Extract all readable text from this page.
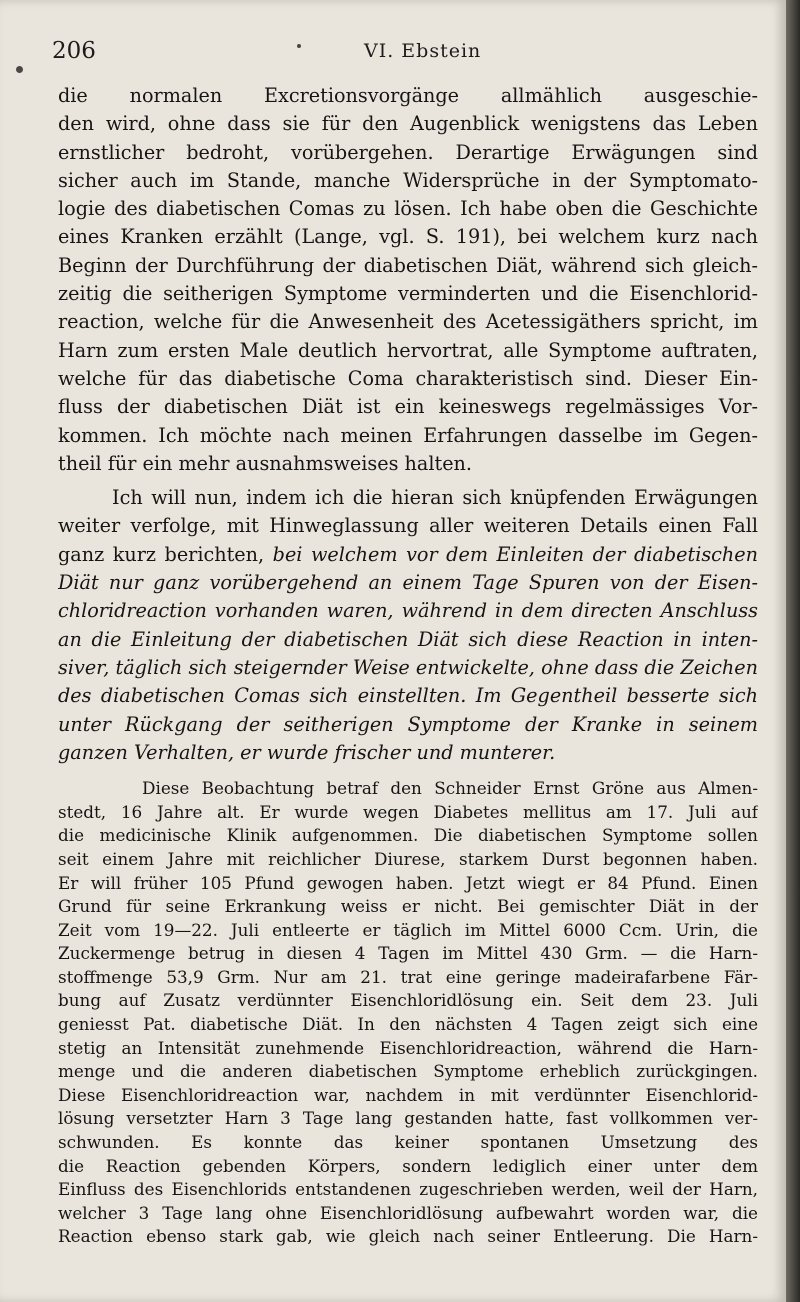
206	VI. Ebstein
die normalen Excretionsvorgänge allmählich ausgeschie-
den wird, ohne dass sie für den Augenblick wenigstens das Leben
ernstlicher bedroht, vorübergehen. Derartige Erwägungen sind
sicher auch im Stande, manche Widersprüche in der Symptomato-
logie des diabetischen Comas zu lösen. Ich habe oben die Geschichte
eines Kranken erzählt (Lange, vgl. S. 191), bei welchem kurz nach
Beginn der Durchführung der diabetischen Diät, während sich gleich-
zeitig die seitherigen Symptome verminderten und die Eisenchlorid-
reaction, welche für die Anwesenheit des Acetessigäthers spricht, im
Harn zum ersten Male deutlich hervortrat, alle Symptome auftraten,
welche für das diabetische Coma charakteristisch sind. Dieser Ein-
fluss der diabetischen Diät ist ein keineswegs regelmässiges Vor-
kommen. Ich möchte nach meinen Erfahrungen dasselbe im Gegen-
theil für ein mehr ausnahmsweises halten.
Ich will nun, indem ich die hieran sich knüpfenden Erwägungen
weiter verfolge, mit Hinweglassung aller weiteren Details einen Fall
ganz kurz berichten, bei welchem vor dem Einleiten der diabetischen
Diät nur ganz vorübergehend an einem Tage Spuren von der Eisen-
chloridreaction vorhanden waren, während in dem directen Anschluss
an die Einleitung der diabetischen Diät sich diese Reaction in inten-
siver, täglich sich steigernder Weise entwickelte, ohne dass die Zeichen
des diabetischen Comas sich einstellten. Im Gegentheil besserte sich
unter Rückgang der seitherigen Symptome der Kranke in seinem
ganzen Verhalten, er wurde frischer und munterer.
Diese Beobachtung betraf den Schneider Ernst Gröne aus Almen-
stedt, 16 Jahre alt. Er wurde wegen Diabetes mellitus am 17. Juli auf
die medicinische Klinik aufgenommen. Die diabetischen Symptome sollen
seit einem Jahre mit reichlicher Diurese, starkem Durst begonnen haben.
Er will früher 105 Pfund gewogen haben. Jetzt wiegt er 84 Pfund. Einen
Grund für seine Erkrankung weiss er nicht. Bei gemischter Diät in der
Zeit vom 19—22. Juli entleerte er täglich im Mittel 6000 Ccm. Urin, die
Zuckermenge betrug in diesen 4 Tagen im Mittel 430 Grm. — die Harn-
stoffmenge 53,9 Grm. Nur am 21. trat eine geringe madeirafarbene Fär-
bung auf Zusatz verdünnter Eisenchloridlösung ein. Seit dem 23. Juli
geniesst Pat. diabetische Diät. In den nächsten 4 Tagen zeigt sich eine
stetig an Intensität zunehmende Eisenchloridreaction, während die Harn-
menge und die anderen diabetischen Symptome erheblich zurückgingen.
Diese Eisenchloridreaction war, nachdem in mit verdünnter Eisenchlorid-
lösung versetzter Harn 3 Tage lang gestanden hatte, fast vollkommen ver-
schwunden. Es konnte das keiner spontanen Umsetzung des
die Reaction gebenden Körpers, sondern lediglich einer unter dem
Einfluss des Eisenchlorids entstandenen zugeschrieben werden, weil der Harn,
welcher 3 Tage lang ohne Eisenchloridlösung aufbewahrt worden war, die
Reaction ebenso stark gab, wie gleich nach seiner Entleerung. Die Harn-
